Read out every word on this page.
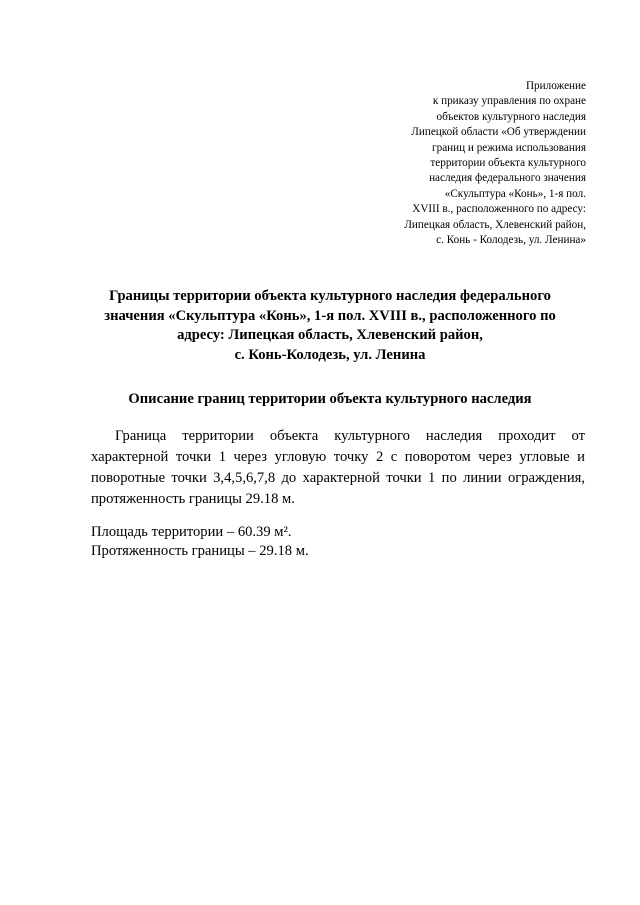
Приложение
к приказу управления по охране
объектов культурного наследия
Липецкой области «Об утверждении
границ и режима использования
территории объекта культурного
наследия федерального значения
«Скульптура «Конь», 1-я пол.
XVIII в., расположенного по адресу:
Липецкая область, Хлевенский район,
с. Конь - Колодезь, ул. Ленина»
Границы территории объекта культурного наследия федерального
значения «Скульптура «Конь», 1-я пол. XVIII в., расположенного по
адресу: Липецкая область, Хлевенский район,
с. Конь-Колодезь, ул. Ленина
Описание границ территории объекта культурного наследия
Граница территории объекта культурного наследия проходит от характерной точки 1 через угловую точку 2 с поворотом через угловые и поворотные точки 3,4,5,6,7,8 до характерной точки 1 по линии ограждения, протяженность границы 29.18 м.
Площадь территории – 60.39 м².
Протяженность границы – 29.18 м.
